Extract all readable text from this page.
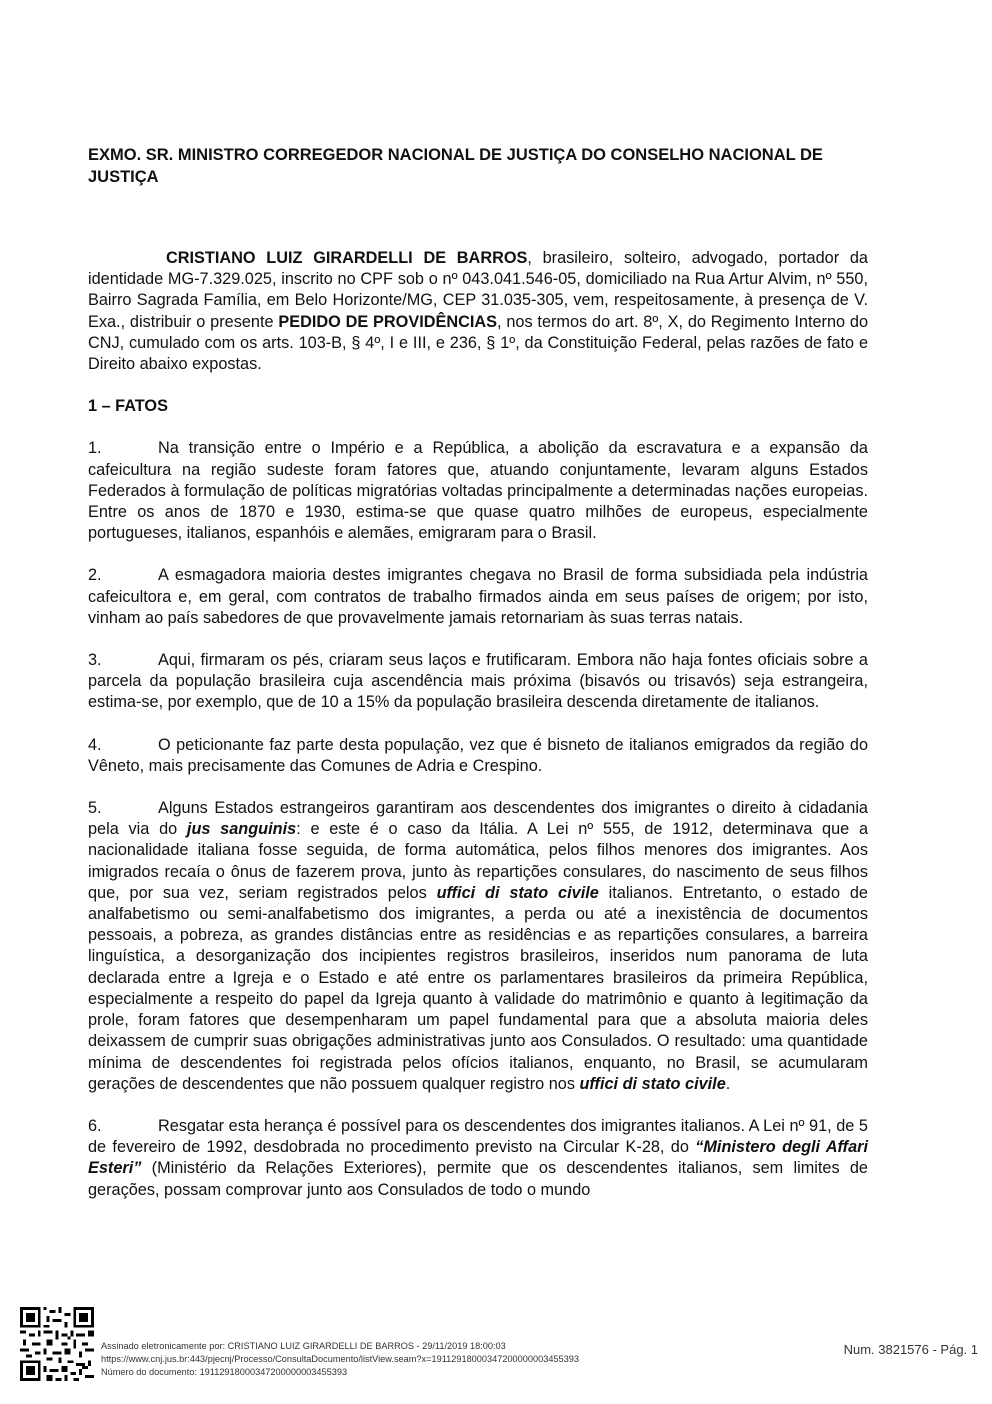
EXMO. SR. MINISTRO CORREGEDOR NACIONAL DE JUSTIÇA DO CONSELHO NACIONAL DE JUSTIÇA

CRISTIANO LUIZ GIRARDELLI DE BARROS, brasileiro, solteiro, advogado, portador da identidade MG-7.329.025, inscrito no CPF sob o nº 043.041.546-05, domiciliado na Rua Artur Alvim, nº 550, Bairro Sagrada Família, em Belo Horizonte/MG, CEP 31.035-305, vem, respeitosamente, à presença de V. Exa., distribuir o presente PEDIDO DE PROVIDÊNCIAS, nos termos do art. 8º, X, do Regimento Interno do CNJ, cumulado com os arts. 103-B, § 4º, I e III, e 236, § 1º, da Constituição Federal, pelas razões de fato e Direito abaixo expostas.

1 – FATOS

1.	Na transição entre o Império e a República, a abolição da escravatura e a expansão da cafeicultura na região sudeste foram fatores que, atuando conjuntamente, levaram alguns Estados Federados à formulação de políticas migratórias voltadas principalmente a determinadas nações europeias. Entre os anos de 1870 e 1930, estima-se que quase quatro milhões de europeus, especialmente portugueses, italianos, espanhóis e alemães, emigraram para o Brasil.

2.	A esmagadora maioria destes imigrantes chegava no Brasil de forma subsidiada pela indústria cafeicultora e, em geral, com contratos de trabalho firmados ainda em seus países de origem; por isto, vinham ao país sabedores de que provavelmente jamais retornariam às suas terras natais.

3.	Aqui, firmaram os pés, criaram seus laços e frutificaram. Embora não haja fontes oficiais sobre a parcela da população brasileira cuja ascendência mais próxima (bisavós ou trisavós) seja estrangeira, estima-se, por exemplo, que de 10 a 15% da população brasileira descenda diretamente de italianos.

4.	O peticionante faz parte desta população, vez que é bisneto de italianos emigrados da região do Vêneto, mais precisamente das Comunes de Adria e Crespino.

5.	Alguns Estados estrangeiros garantiram aos descendentes dos imigrantes o direito à cidadania pela via do jus sanguinis: e este é o caso da Itália. A Lei nº 555, de 1912, determinava que a nacionalidade italiana fosse seguida, de forma automática, pelos filhos menores dos imigrantes. Aos imigrados recaía o ônus de fazerem prova, junto às repartições consulares, do nascimento de seus filhos que, por sua vez, seriam registrados pelos uffici di stato civile italianos. Entretanto, o estado de analfabetismo ou semi-analfabetismo dos imigrantes, a perda ou até a inexistência de documentos pessoais, a pobreza, as grandes distâncias entre as residências e as repartições consulares, a barreira linguística, a desorganização dos incipientes registros brasileiros, inseridos num panorama de luta declarada entre a Igreja e o Estado e até entre os parlamentares brasileiros da primeira República, especialmente a respeito do papel da Igreja quanto à validade do matrimônio e quanto à legitimação da prole, foram fatores que desempenharam um papel fundamental para que a absoluta maioria deles deixassem de cumprir suas obrigações administrativas junto aos Consulados. O resultado: uma quantidade mínima de descendentes foi registrada pelos ofícios italianos, enquanto, no Brasil, se acumularam gerações de descendentes que não possuem qualquer registro nos uffici di stato civile.

6.	Resgatar esta herança é possível para os descendentes dos imigrantes italianos. A Lei nº 91, de 5 de fevereiro de 1992, desdobrada no procedimento previsto na Circular K-28, do “Ministero degli Affari Esteri” (Ministério da Relações Exteriores), permite que os descendentes italianos, sem limites de gerações, possam comprovar junto aos Consulados de todo o mundo

Assinado eletronicamente por: CRISTIANO LUIZ GIRARDELLI DE BARROS - 29/11/2019 18:00:03
https://www.cnj.jus.br:443/pjecnj/Processo/ConsultaDocumento/listView.seam?x=19112918000347200000003455393
Número do documento: 19112918000347200000003455393
Num. 3821576 - Pág. 1
